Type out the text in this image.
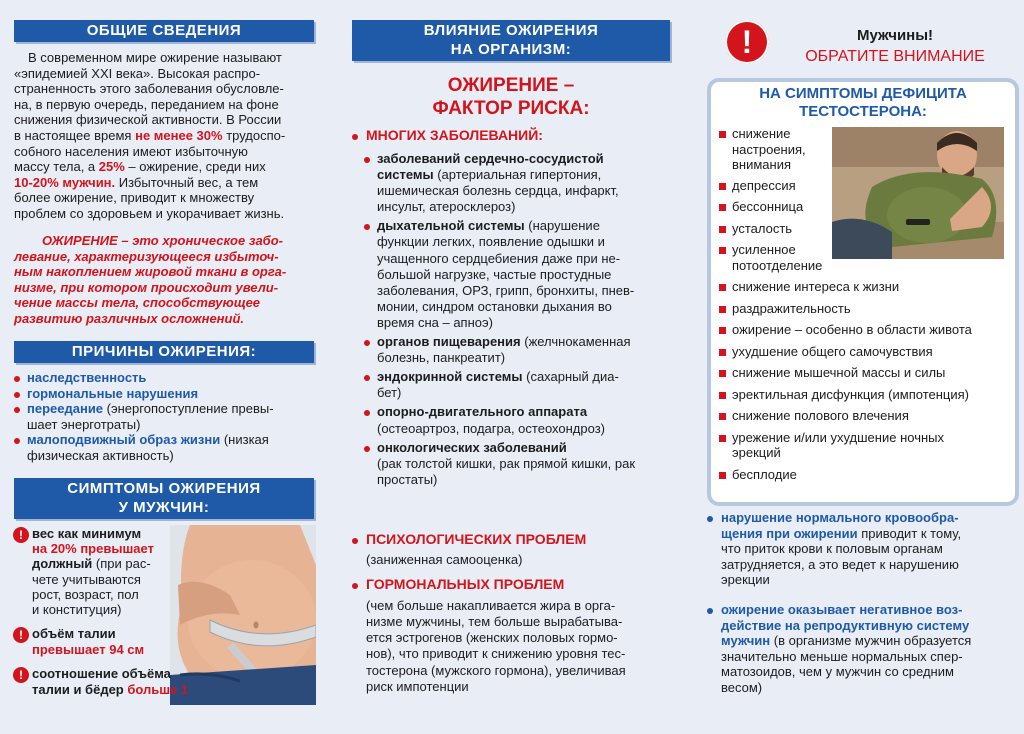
ОБЩИЕ СВЕДЕНИЯ
В современном мире ожирение называют
«эпидемией XXI века». Высокая распро-
страненность этого заболевания обусловле-
на, в первую очередь, переданием на фоне
снижения физической активности. В России
в настоящее время не менее 30% трудоспо-
собного населения имеют избыточную
массу тела, а 25% – ожирение, среди них
10-20% мужчин. Избыточный вес, а тем
более ожирение, приводит к множеству
проблем со здоровьем и укорачивает жизнь.
ОЖИРЕНИЕ – это хроническое забо-
левание, характеризующееся избыточ-
ным накоплением жировой ткани в орга-
низме, при котором происходит увели-
чение массы тела, способствующее
развитию различных осложнений.
ПРИЧИНЫ ОЖИРЕНИЯ:
наследственность
гормональные нарушения
переедание (энергопоступление превы-
шает энерготраты)
малоподвижный образ жизни (низкая
физическая активность)
СИМПТОМЫ ОЖИРЕНИЯ
У МУЖЧИН:
! вес как минимум
на 20% превышает
должный (при рас-
чете учитываются
рост, возраст, пол
и конституция)
! объём талии
превышает 94 см
! соотношение объёма
талии и бёдер больше 1
ВЛИЯНИЕ ОЖИРЕНИЯ
НА ОРГАНИЗМ:
ОЖИРЕНИЕ –
ФАКТОР РИСКА:
МНОГИХ ЗАБОЛЕВАНИЙ:
заболеваний сердечно-сосудистой
системы (артериальная гипертония,
ишемическая болезнь сердца, инфаркт,
инсульт, атеросклероз)
дыхательной системы (нарушение
функции легких, появление одышки и
учащенного сердцебиения даже при не-
большой нагрузке, частые простудные
заболевания, ОРЗ, грипп, бронхиты, пнев-
монии, синдром остановки дыхания во
время сна – апноэ)
органов пищеварения (желчнокаменная
болезнь, панкреатит)
эндокринной системы (сахарный диа-
бет)
опорно-двигательного аппарата
(остеоартроз, подагра, остеохондроз)
онкологических заболеваний
(рак толстой кишки, рак прямой кишки, рак
простаты)
ПСИХОЛОГИЧЕСКИХ ПРОБЛЕМ
(заниженная самооценка)
ГОРМОНАЛЬНЫХ ПРОБЛЕМ
(чем больше накапливается жира в орга-
низме мужчины, тем больше вырабатыва-
ется эстрогенов (женских половых гормо-
нов), что приводит к снижению уровня тес-
тостерона (мужского гормона), увеличивая
риск импотенции
!	Мужчины!
ОБРАТИТЕ ВНИМАНИЕ
НА СИМПТОМЫ ДЕФИЦИТА
ТЕСТОСТЕРОНА:
снижение
настроения,
внимания
депрессия
бессонница
усталость
усиленное
потоотделение
снижение интереса к жизни
раздражительность
ожирение – особенно в области живота
ухудшение общего самочувствия
снижение мышечной массы и силы
эректильная дисфункция (импотенция)
снижение полового влечения
урежение и/или ухудшение ночных
эрекций
бесплодие
нарушение нормального кровообра-
щения при ожирении приводит к тому,
что приток крови к половым органам
затрудняется, а это ведет к нарушению
эрекции
ожирение оказывает негативное воз-
действие на репродуктивную систему
мужчин (в организме мужчин образуется
значительно меньше нормальных спер-
матозоидов, чем у мужчин со средним
весом)
